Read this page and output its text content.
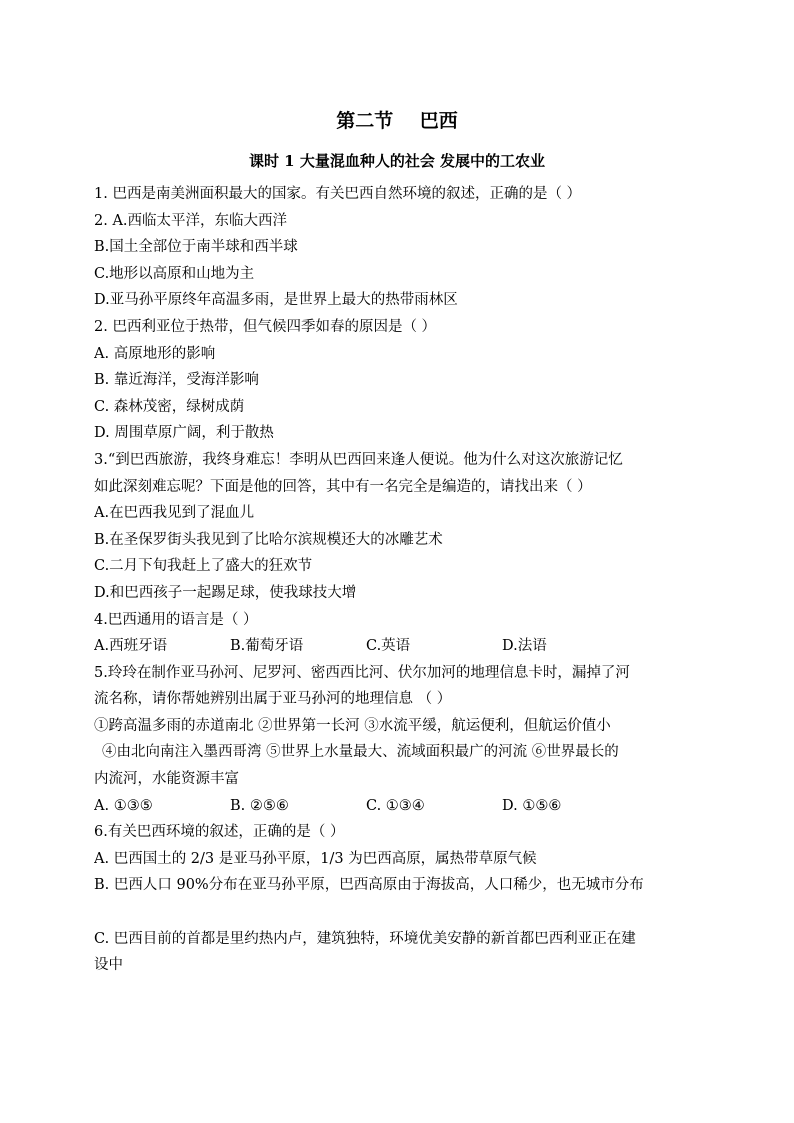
第二节    巴西
课时 1 大量混血种人的社会 发展中的工农业
1. 巴西是南美洲面积最大的国家。有关巴西自然环境的叙述，正确的是（ ）
2. A.西临太平洋，东临大西洋
B.国土全部位于南半球和西半球
C.地形以高原和山地为主
D.亚马孙平原终年高温多雨，是世界上最大的热带雨林区
2. 巴西利亚位于热带，但气候四季如春的原因是（ ）
A. 高原地形的影响
B. 靠近海洋，受海洋影响
C. 森林茂密，绿树成荫
D. 周围草原广阔，利于散热
3.“到巴西旅游，我终身难忘！李明从巴西回来逢人便说。他为什么对这次旅游记忆
如此深刻难忘呢？下面是他的回答，其中有一名完全是编造的，请找出来（ ）
A.在巴西我见到了混血儿
B.在圣保罗街头我见到了比哈尔滨规模还大的冰雕艺术
C.二月下旬我赶上了盛大的狂欢节
D.和巴西孩子一起踢足球，使我球技大增
4.巴西通用的语言是（ ）
A.西班牙语	B.葡萄牙语	C.英语	D.法语
5.玲玲在制作亚马孙河、尼罗河、密西西比河、伏尔加河的地理信息卡时，漏掉了河
流名称，请你帮她辨别出属于亚马孙河的地理信息 （ ）
①跨高温多雨的赤道南北 ②世界第一长河 ③水流平缓，航运便利，但航运价值小
④由北向南注入墨西哥湾 ⑤世界上水量最大、流域面积最广的河流 ⑥世界最长的
内流河，水能资源丰富
A. ①③⑤	B. ②⑤⑥	C. ①③④	D. ①⑤⑥
6.有关巴西环境的叙述，正确的是（ ）
A. 巴西国土的 2/3 是亚马孙平原，1/3 为巴西高原，属热带草原气候
B. 巴西人口 90%分布在亚马孙平原，巴西高原由于海拔高，人口稀少，也无城市分布
C. 巴西目前的首都是里约热内卢，建筑独特，环境优美安静的新首都巴西利亚正在建
设中
